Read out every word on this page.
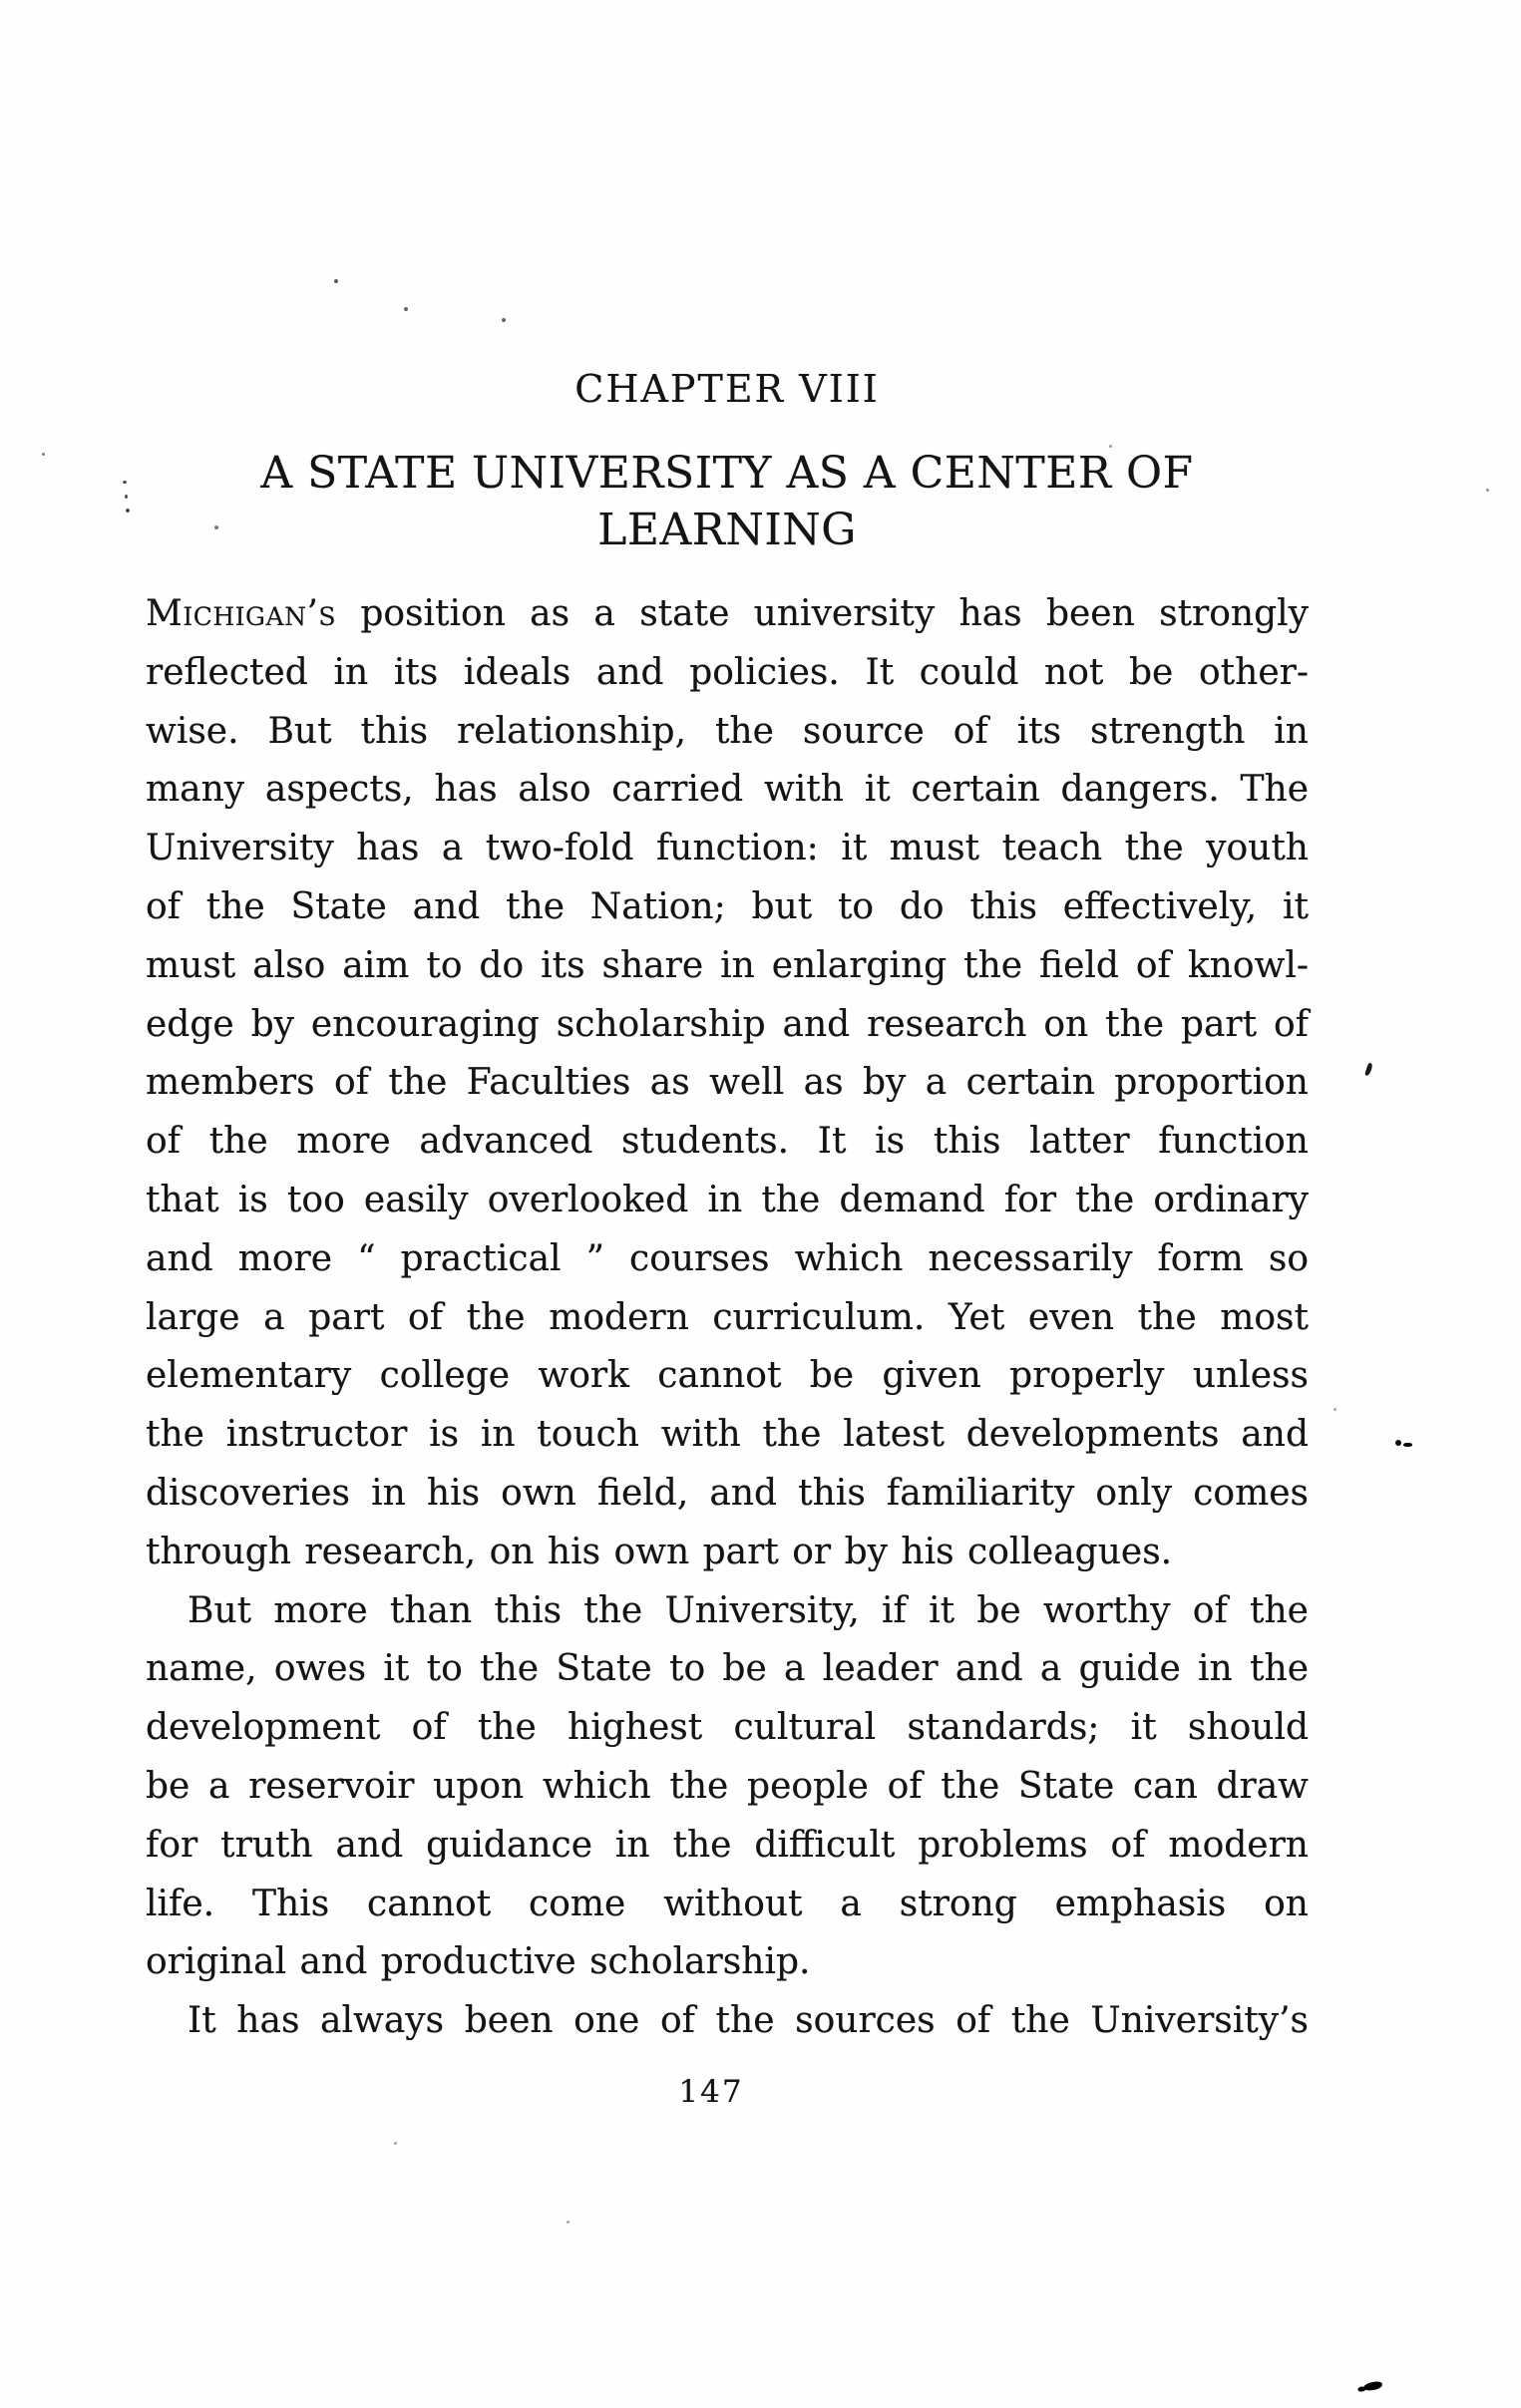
CHAPTER VIII
A STATE UNIVERSITY AS A CENTER OF
LEARNING
Michigan’s position as a state university has been strongly
reflected in its ideals and policies. It could not be other-
wise. But this relationship, the source of its strength in
many aspects, has also carried with it certain dangers. The
University has a two-fold function: it must teach the youth
of the State and the Nation; but to do this effectively, it
must also aim to do its share in enlarging the field of knowl-
edge by encouraging scholarship and research on the part of
members of the Faculties as well as by a certain proportion
of the more advanced students. It is this latter function
that is too easily overlooked in the demand for the ordinary
and more “ practical ” courses which necessarily form so
large a part of the modern curriculum. Yet even the most
elementary college work cannot be given properly unless
the instructor is in touch with the latest developments and
discoveries in his own field, and this familiarity only comes
through research, on his own part or by his colleagues.
But more than this the University, if it be worthy of the
name, owes it to the State to be a leader and a guide in the
development of the highest cultural standards; it should
be a reservoir upon which the people of the State can draw
for truth and guidance in the difficult problems of modern
life. This cannot come without a strong emphasis on
original and productive scholarship.
It has always been one of the sources of the University’s
147
